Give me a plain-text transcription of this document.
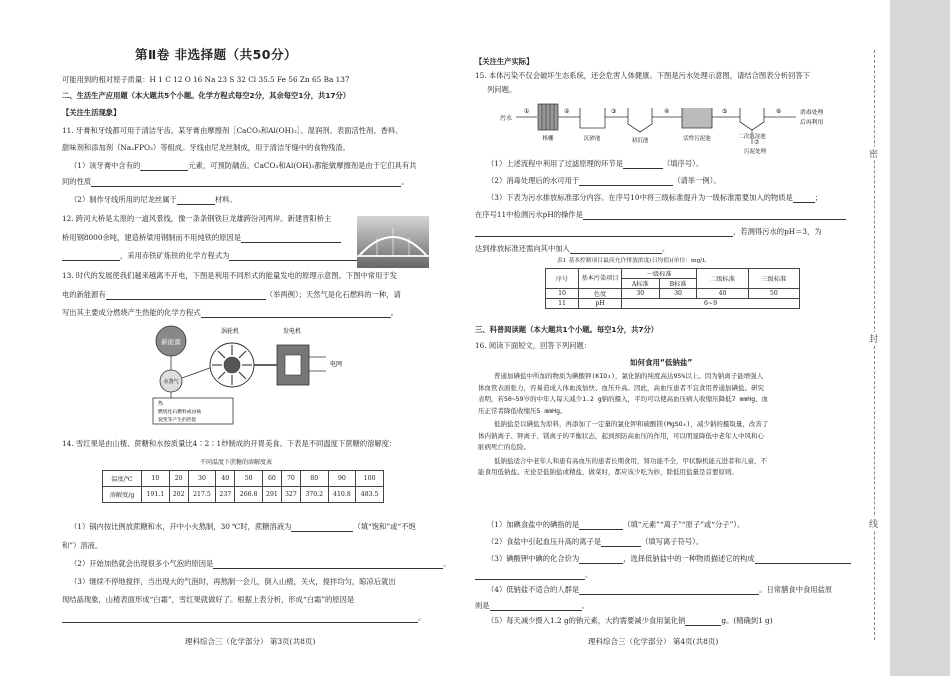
第Ⅱ卷 非选择题（共50分）
可能用到的相对原子质量：H 1 C 12 O 16 Na 23 S 32 Cl 35.5 Fe 56 Zn 65 Ba 137
二、生活生产应用题（本大题共5个小题。化学方程式每空2分，其余每空1分，共17分）
【关注生活现象】
11. 牙膏和牙线都可用于清洁牙齿。某牙膏由摩擦剂［CaCO₃和Al(OH)₃］、湿润剂、表面活性剂、香料、
甜味剂和添加剂（Na₂FPO₃）等组成。牙线由尼龙丝制成，用于清洁牙缝中的食物残渣。
（1）该牙膏中含有的	元素，可预防龋齿。CaCO₃和Al(OH)₃都能做摩擦剂是由于它们具有共
同的性质	。
（2）制作牙线所用的尼龙丝属于	材料。
12. 跨河大桥是太原的一道风景线，像一条条钢铁巨龙雄跨汾河两岸。新建晋阳桥主
桥用钢8000余吨，建造桥梁用钢制而不用纯铁的原因是
，采用赤铁矿炼铁的化学方程式为
13. 时代的发展使我们越来越离不开电，下图是利用不同形式的能量发电的原理示意图。下图中常用于发
电的新能源有	（举两例）；天然气是化石燃料的一种，请
写出其主要成分燃烧产生热能的化学方程式	。
新能源
水蒸气
涡轮机	发电机
电网
热
燃烧化石燃料或由核
裂变等产生的热能
14. 雪红果是由山楂、蔗糖和水按质量比4∶2∶1炒制成的开胃美食。下表是不同温度下蔗糖的溶解度：
不同温度下蔗糖的溶解度表
温度/℃	10	20	30	40	50	60	70	80	90	100
溶解度/g	191.1	202	217.5	237	266.8	291	327	370.2	410.8	483.5
（1）锅内按比例放蔗糖和水，开中小火熬制，30 ℃时，蔗糖溶液为	（填“饱和”或“不饱
和”）溶液。
（2）开始加热就会出现很多小气泡的原因是	。
（3）继续不停地搅拌，当出现大的气泡时，再熬制一会儿，倒入山楂，关火，搅拌均匀，晾凉后就出
现结晶现象，山楂表面形成“白霜”，雪红果就做好了。根据上表分析，形成“白霜”的原因是
。
理科综合三（化学部分） 第3页(共8页)
【关注生产实际】
15. 本体污染不仅会破坏生态系统，还会危害人体健康。下图是污水处理示意图，请结合图表分析回答下
列问题。
污水
格栅
①	②
沉砂池
③
初沉池
④
活性污泥池
⑤
二次沉淀池
⑦
污泥处理
⑥	消毒处理
后再利用
（1）上述流程中利用了过滤原理的环节是	（填序号）。
（2）消毒处理后的水可用于	（请举一例）。
（3）下表为污水排放标准部分内容。在序号10中将三级标准提升为一级标准需要加入的物质是	；
在序号11中检测污水pH的操作是
，若测得污水的pH＝3，为
达到排放标准还需向其中加入	。
表1 基本控制项目最高允许排放浓度(日均值)(单位：mg/L
序号	基本污染项目	一级标准		二级标准	三级标准
		A标准	B标准		
10	色度	30	30	40	50
11	pH	6~9			
三、科普阅读题（本大题共1个小题。每空1分，共7分）
16. 阅读下面短文，回答下列问题：
如何食用“低钠盐”
普通加碘盐中所加的物质为碘酸钾(KIO₃)，氯化钠的纯度高达95%以上。因为钠离子能增强人
体血管表面张力，容易造成人体血流加快、血压升高。因此，高血压患者不宜食用普通加碘盐。研究
表明，若50~59岁的中年人每天减少1.2 g钠的摄入，平均可以使高血压病人收缩压降低7 mmHg，血
压正常者降低收缩压5 mmHg。
低钠盐是以碘盐为原料，再添加了一定量的氯化钾和硫酸镁(MgSO₄)，减少钠的摄取量，改善了
体内钠离子、钾离子、镁离子的平衡状态，起到预防高血压的作用，可以明显降低中老年人中风和心
脏病死亡的危险。
低钠盐适合中老年人和患有高血压的患者长期食用，肾功能不全，甲状腺机能亢进者和儿童，不
能食用低钠盐。无论是低钠盐或精盐，做菜时，都应该少吃为妙，除低用盐量是首要原则。
（1）加碘食盐中的碘指的是	（填“元素”“离子”“原子”或“分子”）。
（2）食盐中引起血压升高的离子是	（填写离子符号）。
（3）碘酸钾中碘的化合价为	，选择低钠盐中的一种物质描述它的构成
。
（4）低钠盐不适合的人群是	。日常膳食中食用盐原
则是	。
（5）每天减少摄入1.2 g的钠元素，大约需要减少食用氯化钠	g。(精确到1 g)
理科综合三（化学部分） 第4页(共8页)
密
封
线
